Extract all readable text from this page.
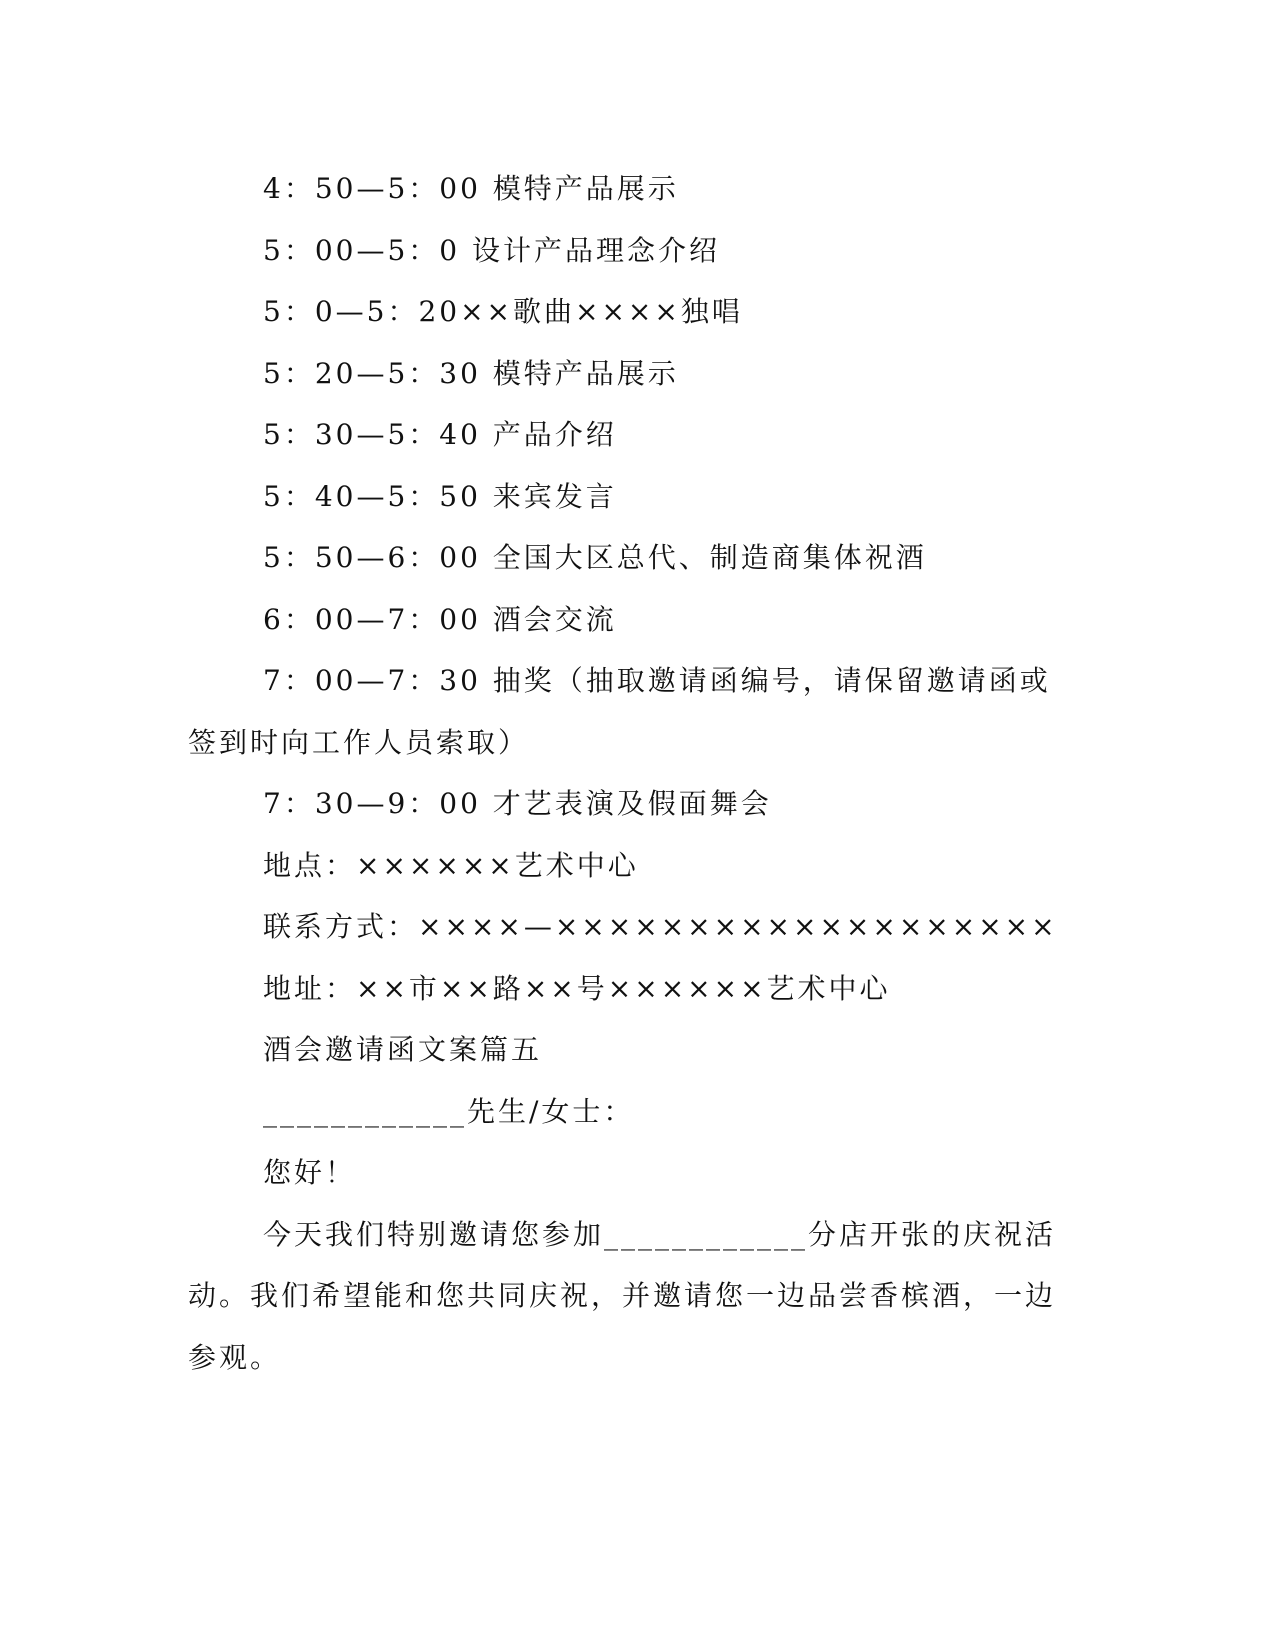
4：50—5：00 模特产品展示

5：00—5：0 设计产品理念介绍

5：0—5：20××歌曲××××独唱

5：20—5：30 模特产品展示

5：30—5：40 产品介绍

5：40—5：50 来宾发言

5：50—6：00 全国大区总代、制造商集体祝酒

6：00—7：00 酒会交流

7：00—7：30 抽奖（抽取邀请函编号，请保留邀请函或签到时向工作人员索取）

7：30—9：00 才艺表演及假面舞会

地点：××××××艺术中心

联系方式：××××—×××××××××××××××××××

地址：××市××路××号××××××艺术中心

酒会邀请函文案篇五

____________先生/女士：

您好！

今天我们特别邀请您参加____________分店开张的庆祝活动。我们希望能和您共同庆祝，并邀请您一边品尝香槟酒，一边参观。
